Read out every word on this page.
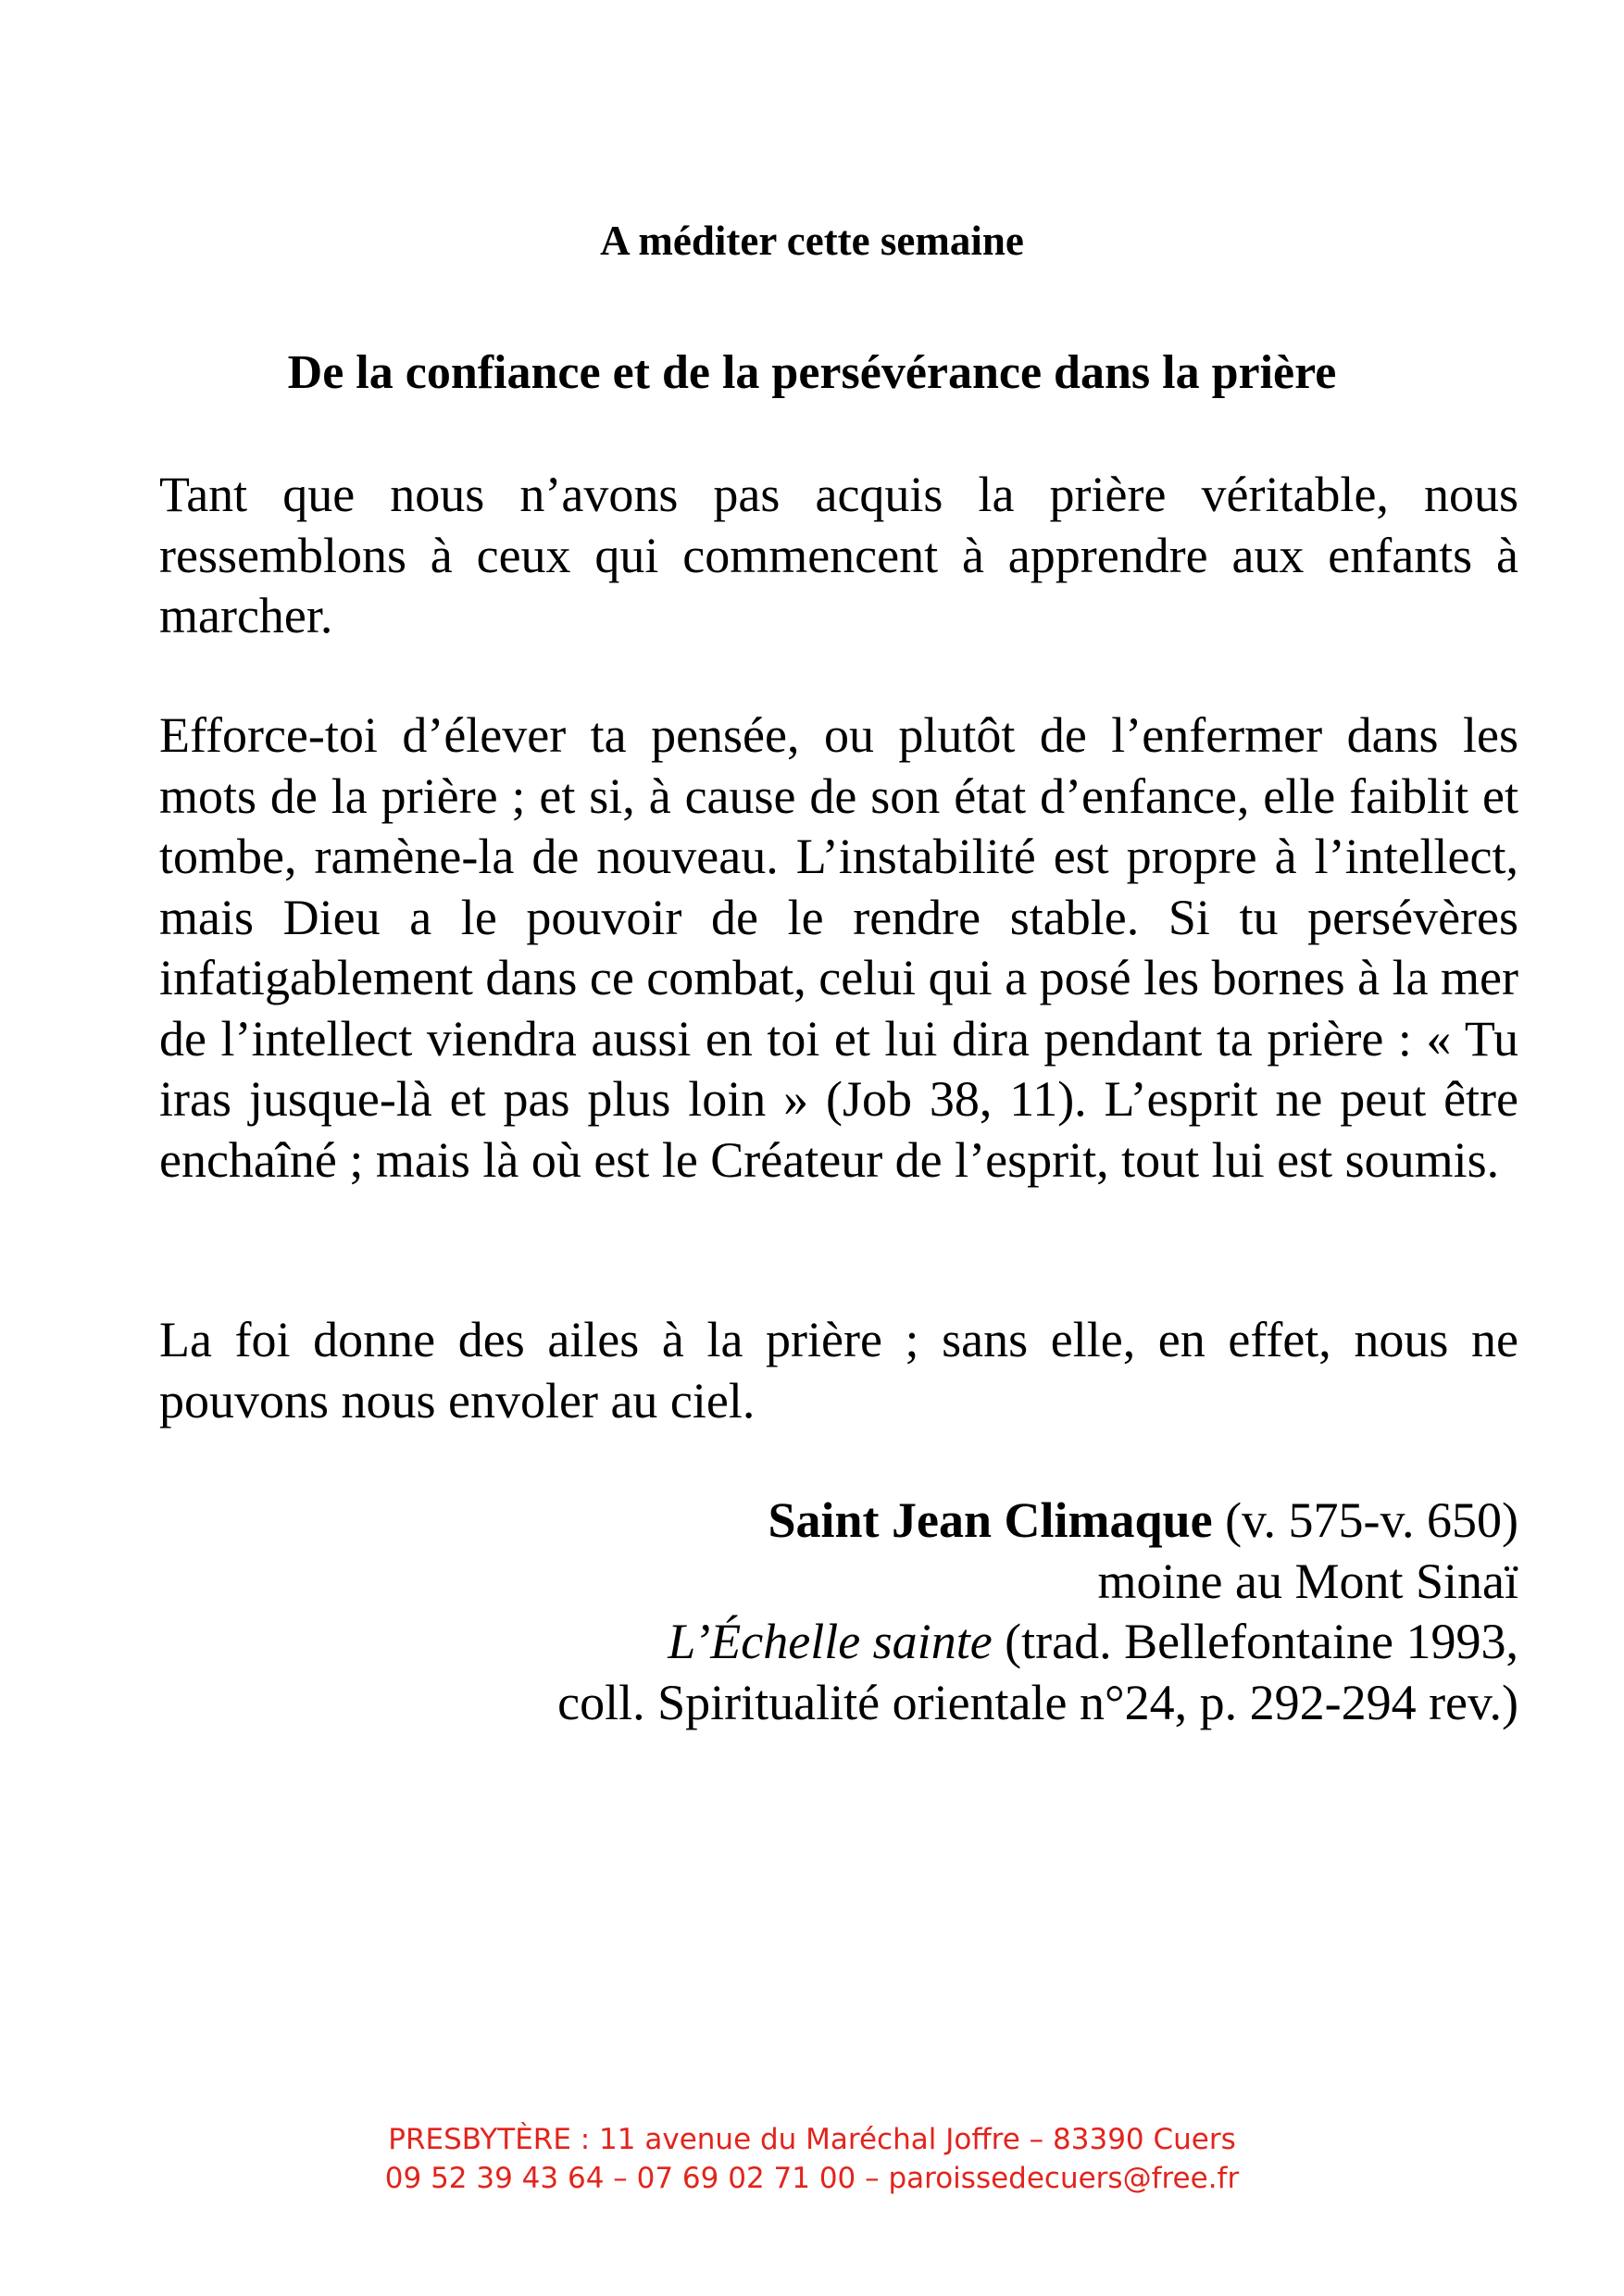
A méditer cette semaine
De la confiance et de la persévérance dans la prière

Tant que nous n’avons pas acquis la prière véritable, nous ressemblons à ceux qui commencent à apprendre aux enfants à marcher.

Efforce-toi d’élever ta pensée, ou plutôt de l’enfermer dans les mots de la prière ; et si, à cause de son état d’enfance, elle faiblit et tombe, ramène-la de nouveau. L’instabilité est propre à l’intellect, mais Dieu a le pouvoir de le rendre stable. Si tu persévères infatigablement dans ce combat, celui qui a posé les bornes à la mer de l’intellect viendra aussi en toi et lui dira pendant ta prière : « Tu iras jusque-là et pas plus loin » (Job 38, 11). L’esprit ne peut être enchaîné ; mais là où est le Créateur de l’esprit, tout lui est soumis.

La foi donne des ailes à la prière ; sans elle, en effet, nous ne pouvons nous envoler au ciel.

Saint Jean Climaque (v. 575-v. 650)
moine au Mont Sinaï
L’Échelle sainte (trad. Bellefontaine 1993,
coll. Spiritualité orientale n°24, p. 292-294 rev.)
PRESBYTÈRE : 11 avenue du Maréchal Joffre – 83390 Cuers
09 52 39 43 64 – 07 69 02 71 00 – paroissedecuers@free.fr
